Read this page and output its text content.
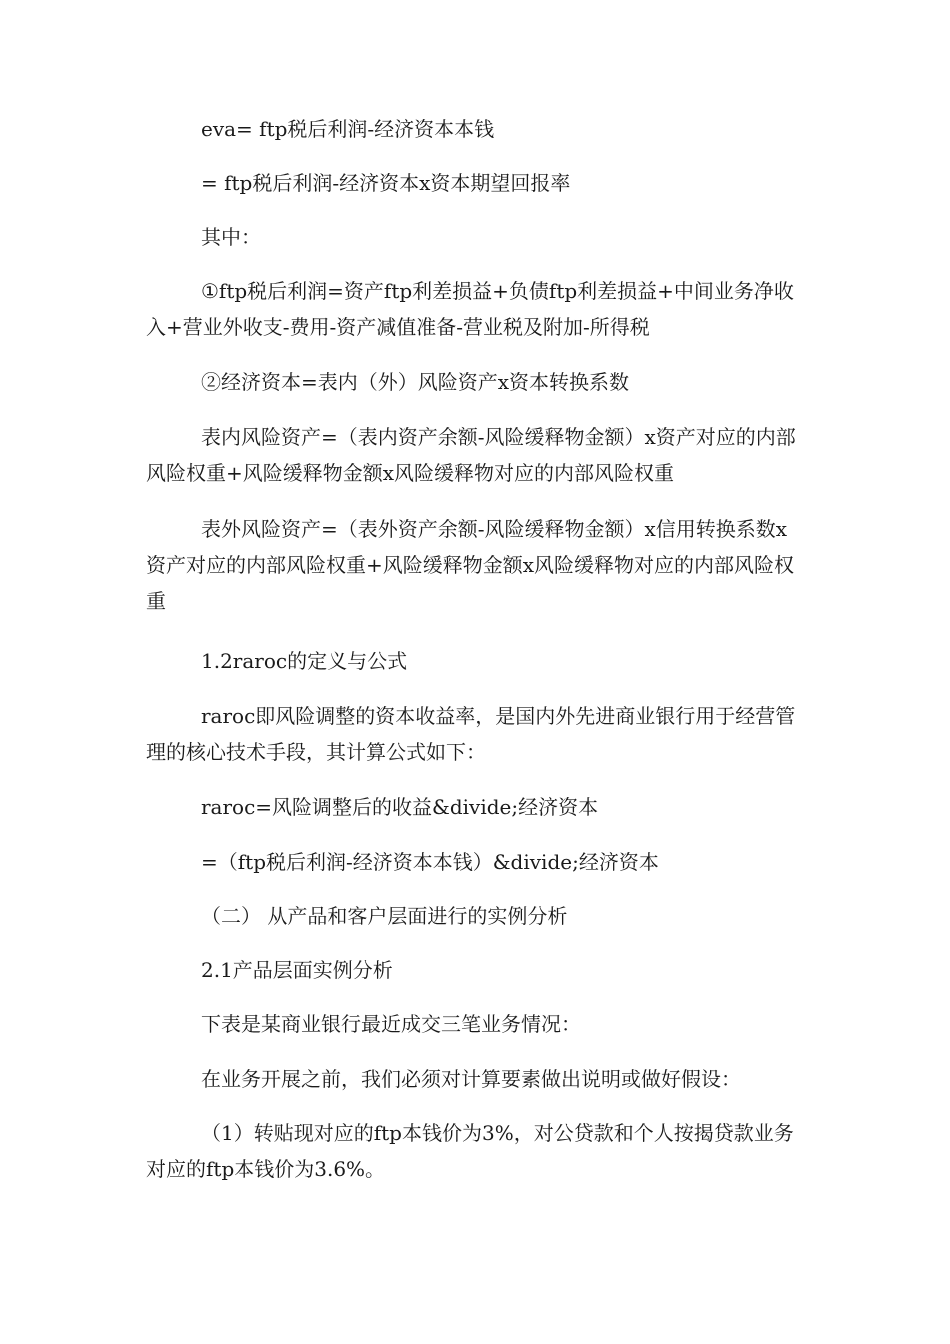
eva= ftp税后利润-经济资本本钱

= ftp税后利润-经济资本x资本期望回报率

其中：

①ftp税后利润=资产ftp利差损益+负债ftp利差损益+中间业务净收入+营业外收支-费用-资产减值准备-营业税及附加-所得税

②经济资本=表内（外）风险资产x资本转换系数

表内风险资产=（表内资产余额-风险缓释物金额）x资产对应的内部风险权重+风险缓释物金额x风险缓释物对应的内部风险权重

表外风险资产=（表外资产余额-风险缓释物金额）x信用转换系数x资产对应的内部风险权重+风险缓释物金额x风险缓释物对应的内部风险权重

1.2raroc的定义与公式

raroc即风险调整的资本收益率，是国内外先进商业银行用于经营管理的核心技术手段，其计算公式如下：

raroc=风险调整后的收益&divide;经济资本

=（ftp税后利润-经济资本本钱）&divide;经济资本

（二） 从产品和客户层面进行的实例分析

2.1产品层面实例分析

下表是某商业银行最近成交三笔业务情况：

在业务开展之前，我们必须对计算要素做出说明或做好假设：

（1）转贴现对应的ftp本钱价为3%，对公贷款和个人按揭贷款业务对应的ftp本钱价为3.6%。
